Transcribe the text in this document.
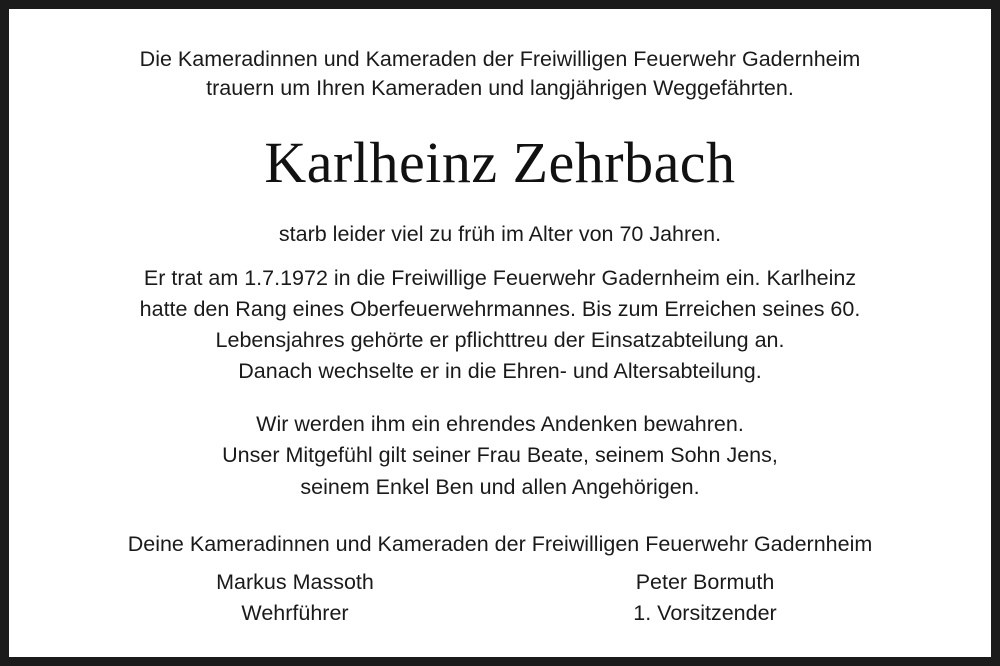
Die Kameradinnen und Kameraden der Freiwilligen Feuerwehr Gadernheim
trauern um Ihren Kameraden und langjährigen Weggefährten.
Karlheinz Zehrbach
starb leider viel zu früh im Alter von 70 Jahren.
Er trat am 1.7.1972 in die Freiwillige Feuerwehr Gadernheim ein. Karlheinz
hatte den Rang eines Oberfeuerwehrmannes. Bis zum Erreichen seines 60.
Lebensjahres gehörte er pflichttreu der Einsatzabteilung an.
Danach wechselte er in die Ehren- und Altersabteilung.
Wir werden ihm ein ehrendes Andenken bewahren.
Unser Mitgefühl gilt seiner Frau Beate, seinem Sohn Jens,
seinem Enkel Ben und allen Angehörigen.
Deine Kameradinnen und Kameraden der Freiwilligen Feuerwehr Gadernheim
Markus Massoth
Wehrführer
Peter Bormuth
1. Vorsitzender
